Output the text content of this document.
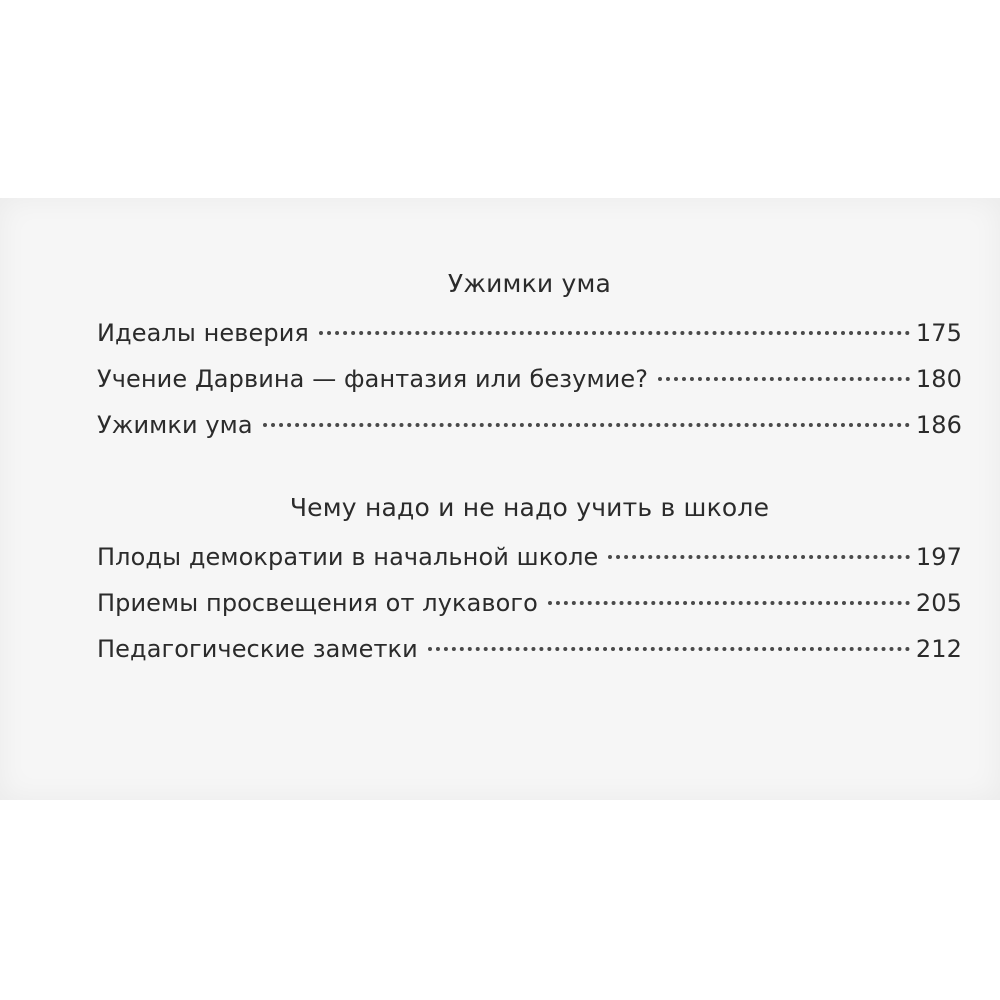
Ужимки ума
Идеалы неверия	175
Учение Дарвина — фантазия или безумие?	180
Ужимки ума	186
Чему надо и не надо учить в школе
Плоды демократии в начальной школе	197
Приемы просвещения от лукавого	205
Педагогические заметки	212
